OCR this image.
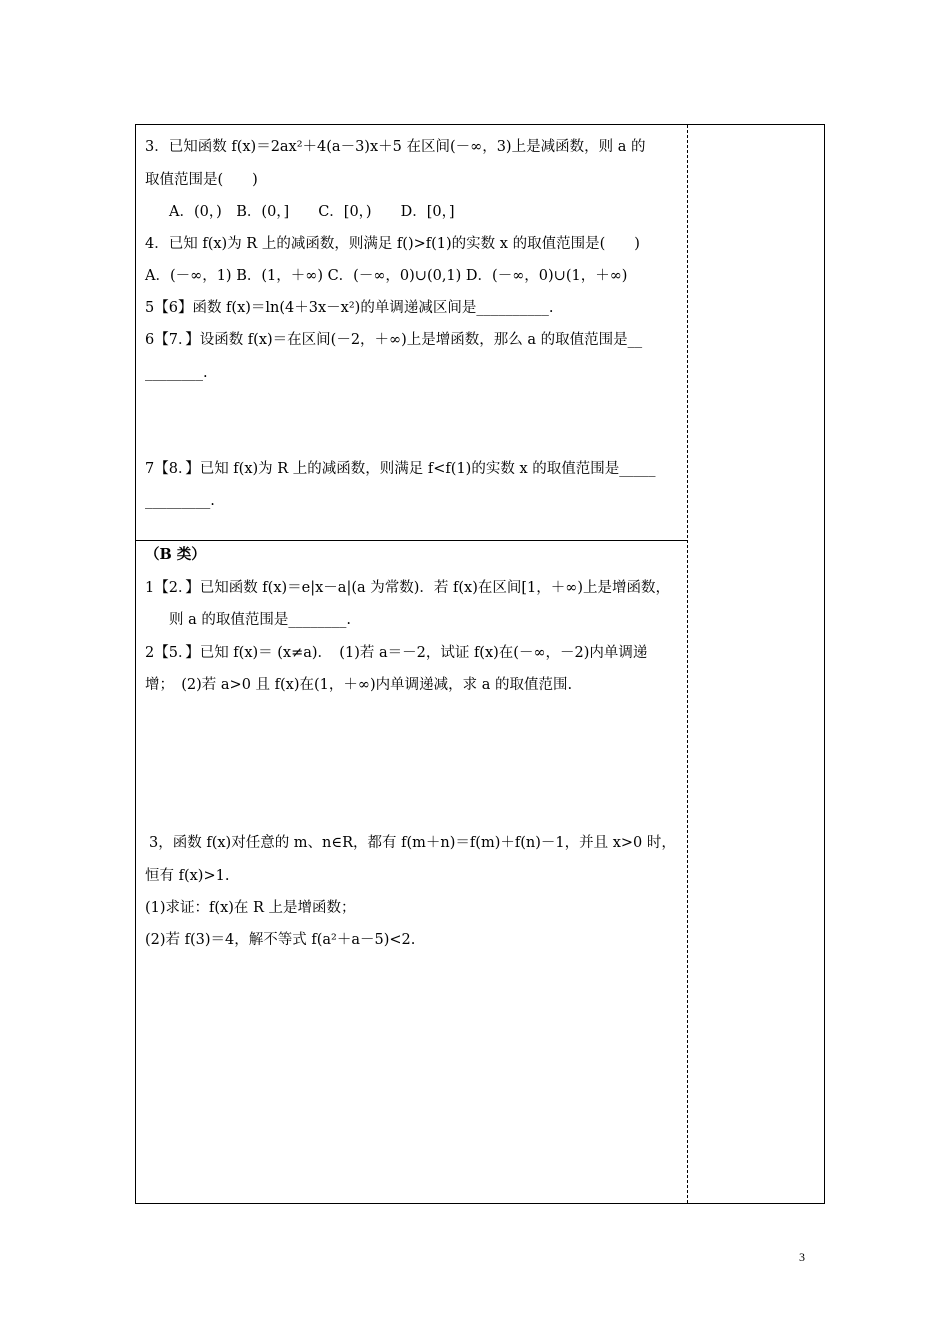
3．已知函数 f(x)＝2ax²＋4(a－3)x＋5 在区间(－∞，3)上是减函数，则 a 的
取值范围是(　　)
A．(0，)　B．(0，]　　C．[0，)　　D．[0，]
4．已知 f(x)为 R 上的减函数，则满足 f()>f(1)的实数 x 的取值范围是(　　)
A．(－∞，1) B．(1，＋∞) C．(－∞，0)∪(0,1) D．(－∞，0)∪(1，＋∞)
5【6】函数 f(x)＝ln(4＋3x－x²)的单调递减区间是__________.
6【7．】设函数 f(x)＝在区间(－2，＋∞)上是增函数，那么 a 的取值范围是__
________.
7【8．】已知 f(x)为 R 上的减函数，则满足 f<f(1)的实数 x 的取值范围是_____
_________.
（B 类）
1【2．】已知函数 f(x)＝e|x－a|(a 为常数)．若 f(x)在区间[1，＋∞)上是增函数，
则 a 的取值范围是________.
2【5．】已知 f(x)＝ (x≠a)．　(1)若 a＝－2，试证 f(x)在(－∞，－2)内单调递
增；　(2)若 a>0 且 f(x)在(1，＋∞)内单调递减，求 a 的取值范围.
3，函数 f(x)对任意的 m、n∈R，都有 f(m＋n)＝f(m)＋f(n)－1，并且 x>0 时，
恒有 f(x)>1.
(1)求证：f(x)在 R 上是增函数；
(2)若 f(3)＝4，解不等式 f(a²＋a－5)<2.
3
